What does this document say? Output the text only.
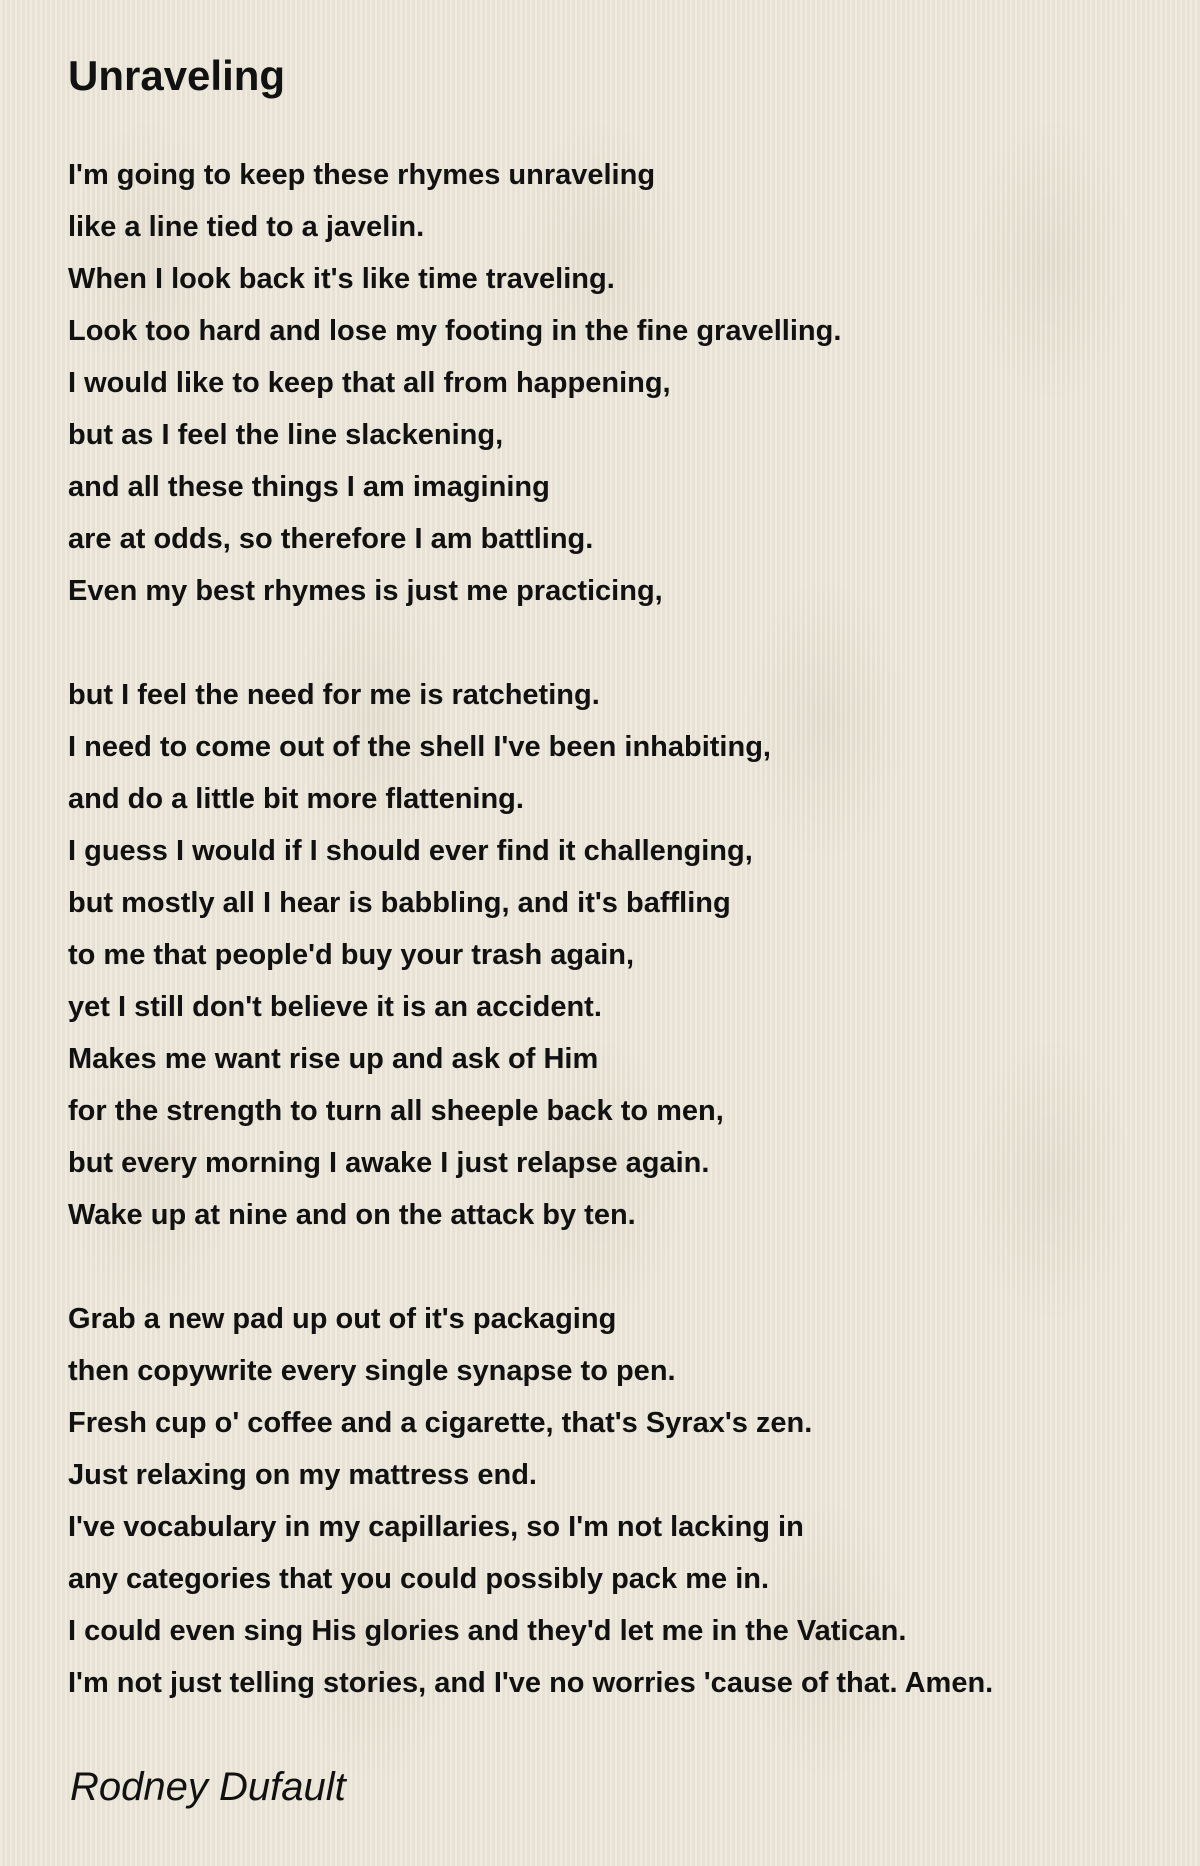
Unraveling
I'm going to keep these rhymes unraveling
like a line tied to a javelin.
When I look back it's like time traveling.
Look too hard and lose my footing in the fine gravelling.
I would like to keep that all from happening,
but as I feel the line slackening,
and all these things I am imagining
are at odds, so therefore I am battling.
Even my best rhymes is just me practicing,
but I feel the need for me is ratcheting.
I need to come out of the shell I've been inhabiting,
and do a little bit more flattening.
I guess I would if I should ever find it challenging,
but mostly all I hear is babbling, and it's baffling
to me that people'd buy your trash again,
yet I still don't believe it is an accident.
Makes me want rise up and ask of Him
for the strength to turn all sheeple back to men,
but every morning I awake I just relapse again.
Wake up at nine and on the attack by ten.
Grab a new pad up out of it's packaging
then copywrite every single synapse to pen.
Fresh cup o' coffee and a cigarette, that's Syrax's zen.
Just relaxing on my mattress end.
I've vocabulary in my capillaries, so I'm not lacking in
any categories that you could possibly pack me in.
I could even sing His glories and they'd let me in the Vatican.
I'm not just telling stories, and I've no worries 'cause of that. Amen.

Rodney Dufault
